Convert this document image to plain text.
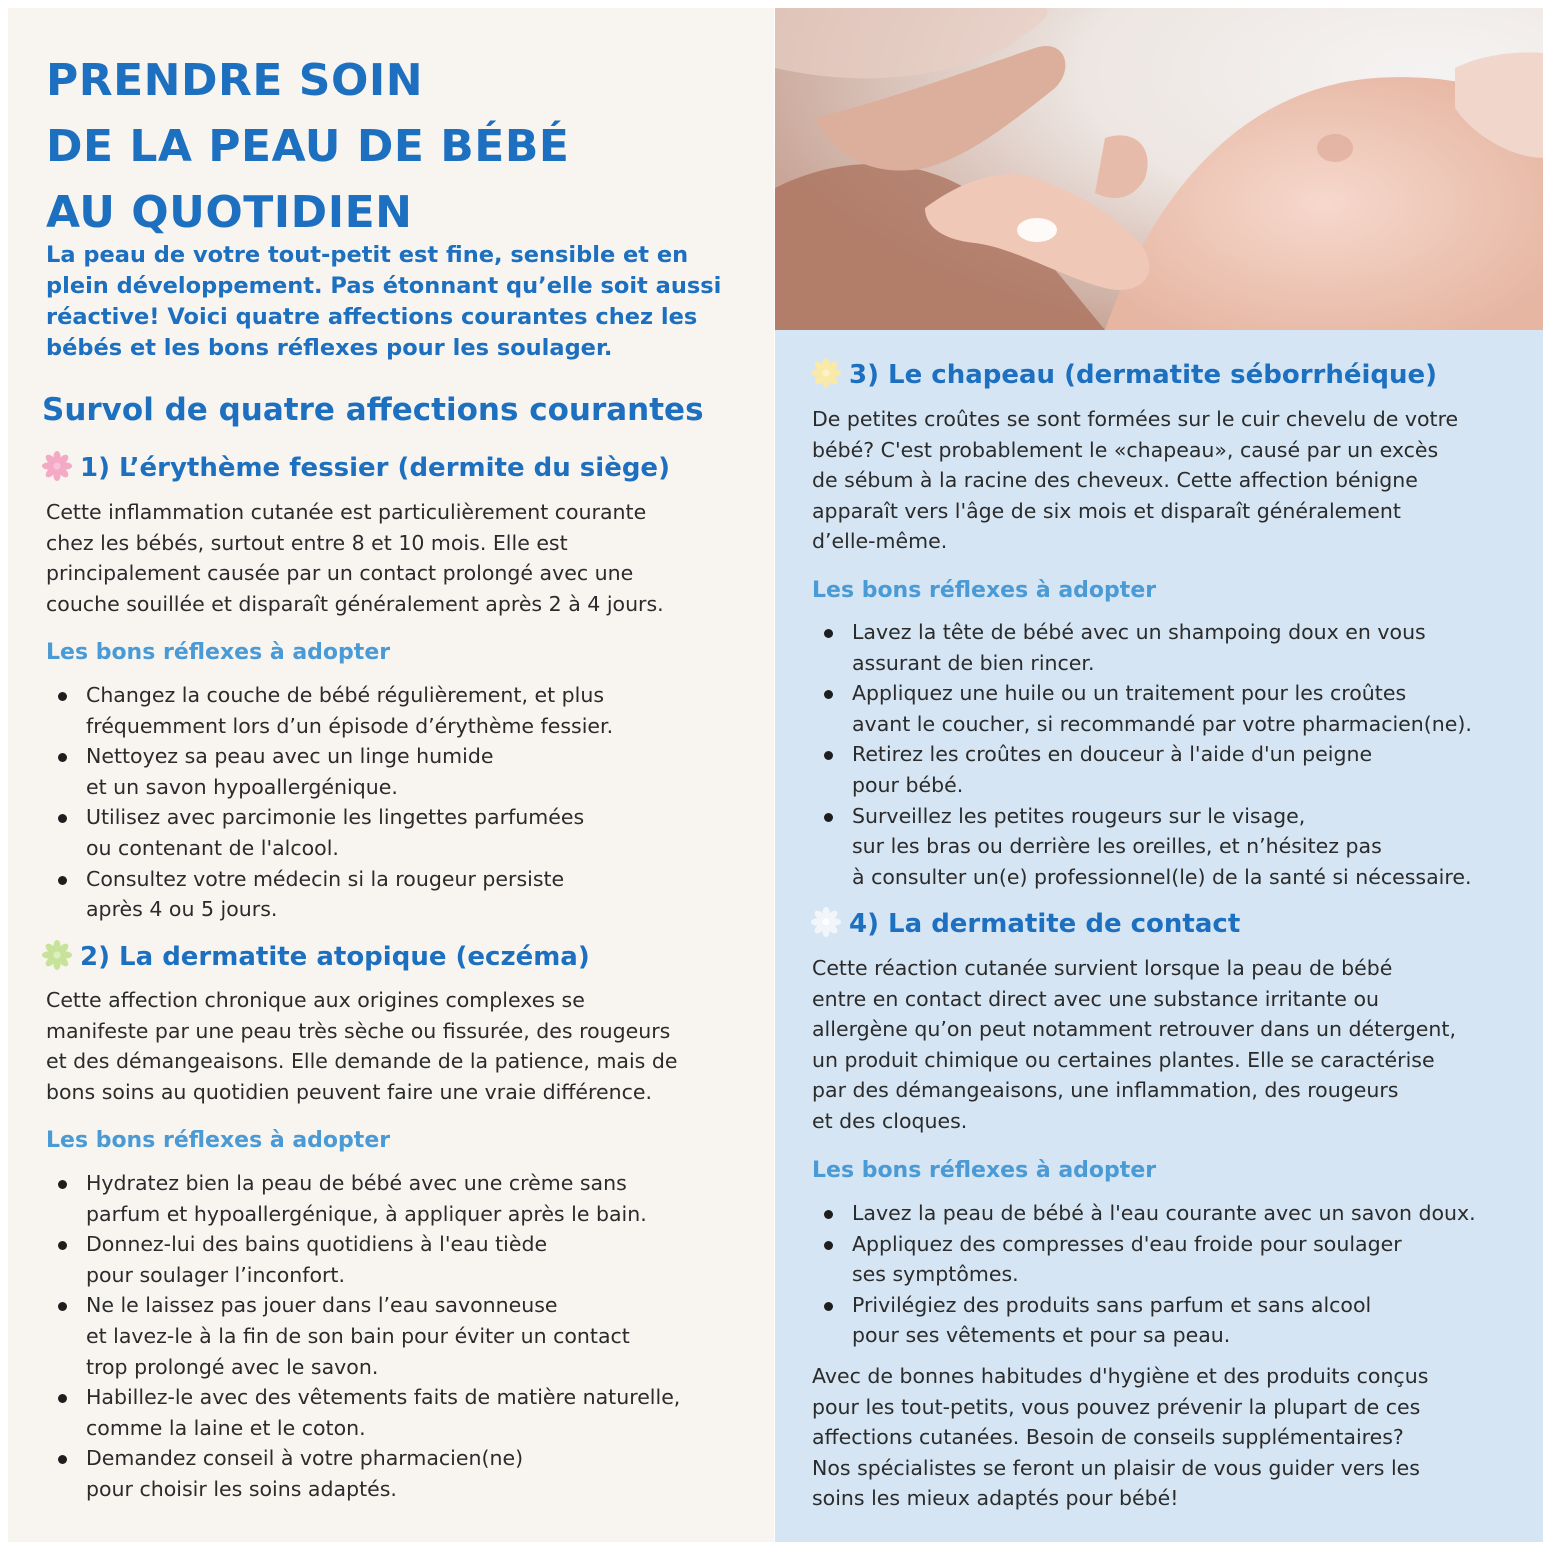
PRENDRE SOIN
DE LA PEAU DE BÉBÉ
AU QUOTIDIEN

La peau de votre tout-petit est fine, sensible et en
plein développement. Pas étonnant qu’elle soit aussi
réactive! Voici quatre affections courantes chez les
bébés et les bons réflexes pour les soulager.

Survol de quatre affections courantes
1) L’érythème fessier (dermite du siège)

Cette inflammation cutanée est particulièrement courante
chez les bébés, surtout entre 8 et 10 mois. Elle est
principalement causée par un contact prolongé avec une
couche souillée et disparaît généralement après 2 à 4 jours.

Les bons réflexes à adopter
Changez la couche de bébé régulièrement, et plus
fréquemment lors d’un épisode d’érythème fessier.
Nettoyez sa peau avec un linge humide
et un savon hypoallergénique.
Utilisez avec parcimonie les lingettes parfumées
ou contenant de l'alcool.
Consultez votre médecin si la rougeur persiste
après 4 ou 5 jours.
2) La dermatite atopique (eczéma)

Cette affection chronique aux origines complexes se
manifeste par une peau très sèche ou fissurée, des rougeurs
et des démangeaisons. Elle demande de la patience, mais de
bons soins au quotidien peuvent faire une vraie différence.

Les bons réflexes à adopter
Hydratez bien la peau de bébé avec une crème sans
parfum et hypoallergénique, à appliquer après le bain.
Donnez-lui des bains quotidiens à l'eau tiède
pour soulager l’inconfort.
Ne le laissez pas jouer dans l’eau savonneuse
et lavez-le à la fin de son bain pour éviter un contact
trop prolongé avec le savon.
Habillez-le avec des vêtements faits de matière naturelle,
comme la laine et le coton.
Demandez conseil à votre pharmacien(ne)
pour choisir les soins adaptés.
3) Le chapeau (dermatite séborrhéique)

De petites croûtes se sont formées sur le cuir chevelu de votre
bébé? C'est probablement le «chapeau», causé par un excès
de sébum à la racine des cheveux. Cette affection bénigne
apparaît vers l'âge de six mois et disparaît généralement
d’elle-même.

Les bons réflexes à adopter
Lavez la tête de bébé avec un shampoing doux en vous
assurant de bien rincer.
Appliquez une huile ou un traitement pour les croûtes
avant le coucher, si recommandé par votre pharmacien(ne).
Retirez les croûtes en douceur à l'aide d'un peigne
pour bébé.
Surveillez les petites rougeurs sur le visage,
sur les bras ou derrière les oreilles, et n’hésitez pas
à consulter un(e) professionnel(le) de la santé si nécessaire.
4) La dermatite de contact

Cette réaction cutanée survient lorsque la peau de bébé
entre en contact direct avec une substance irritante ou
allergène qu’on peut notamment retrouver dans un détergent,
un produit chimique ou certaines plantes. Elle se caractérise
par des démangeaisons, une inflammation, des rougeurs
et des cloques.

Les bons réflexes à adopter
Lavez la peau de bébé à l'eau courante avec un savon doux.
Appliquez des compresses d'eau froide pour soulager
ses symptômes.
Privilégiez des produits sans parfum et sans alcool
pour ses vêtements et pour sa peau.

Avec de bonnes habitudes d'hygiène et des produits conçus
pour les tout-petits, vous pouvez prévenir la plupart de ces
affections cutanées. Besoin de conseils supplémentaires?
Nos spécialistes se feront un plaisir de vous guider vers les
soins les mieux adaptés pour bébé!
